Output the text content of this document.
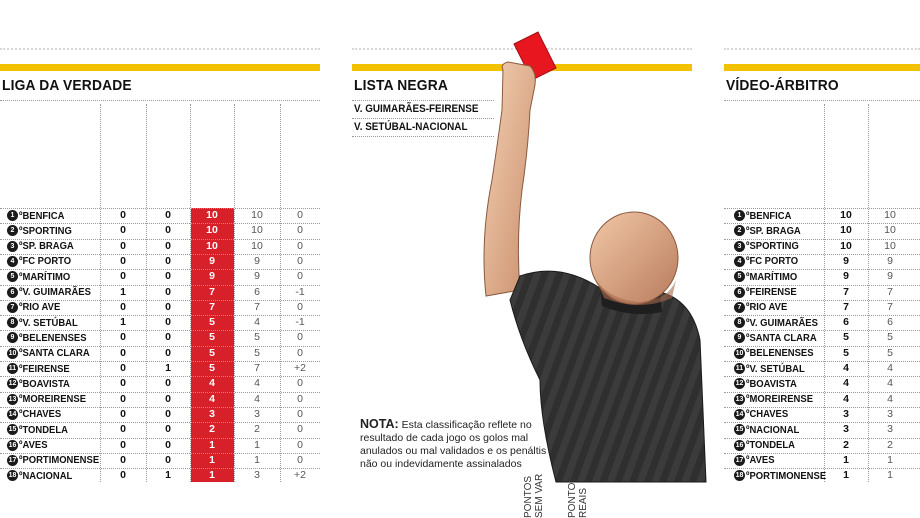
LIGA DA VERDADE
1 ºBENFICA	0	0	10	10	0
2 ºSPORTING	0	0	10	10	0
3 ºSP. BRAGA	0	0	10	10	0
4 ºFC PORTO	0	0	9	9	0
5 ºMARÍTIMO	0	0	9	9	0
6 ºV. GUIMARÃES	1	0	7	6	-1
7 ºRIO AVE	0	0	7	7	0
8 ºV. SETÚBAL	1	0	5	4	-1
9 ºBELENENSES	0	0	5	5	0
10 ºSANTA CLARA	0	0	5	5	0
11 ºFEIRENSE	0	1	5	7	+2
12 ºBOAVISTA	0	0	4	4	0
13 ºMOREIRENSE	0	0	4	4	0
14 ºCHAVES	0	0	3	3	0
15 ºTONDELA	0	0	2	2	0
16 ºAVES	0	0	1	1	0
17 ºPORTIMONENSE	0	0	1	1	0
18 ºNACIONAL	0	1	1	3	+2
LISTA NEGRA
V. GUIMARÃES-FEIRENSE
V. SETÚBAL-NACIONAL
NOTA: Esta classificação reflete no resultado de cada jogo os golos mal anulados ou mal validados e os penáltis não ou indevidamente assinalados
VÍDEO-ÁRBITRO
PONTOS SEM VAR	PONTOS REAIS
1 ºBENFICA	10	10
2 ºSP. BRAGA	10	10
3 ºSPORTING	10	10
4 ºFC PORTO	9	9
5 ºMARÍTIMO	9	9
6 ºFEIRENSE	7	7
7 ºRIO AVE	7	7
8 ºV. GUIMARÃES	6	6
9 ºSANTA CLARA	5	5
10 ºBELENENSES	5	5
11 ºV. SETÚBAL	4	4
12 ºBOAVISTA	4	4
13 ºMOREIRENSE	4	4
14 ºCHAVES	3	3
15 ºNACIONAL	3	3
16 ºTONDELA	2	2
17 ºAVES	1	1
18 ºPORTIMONENSE	1	1
